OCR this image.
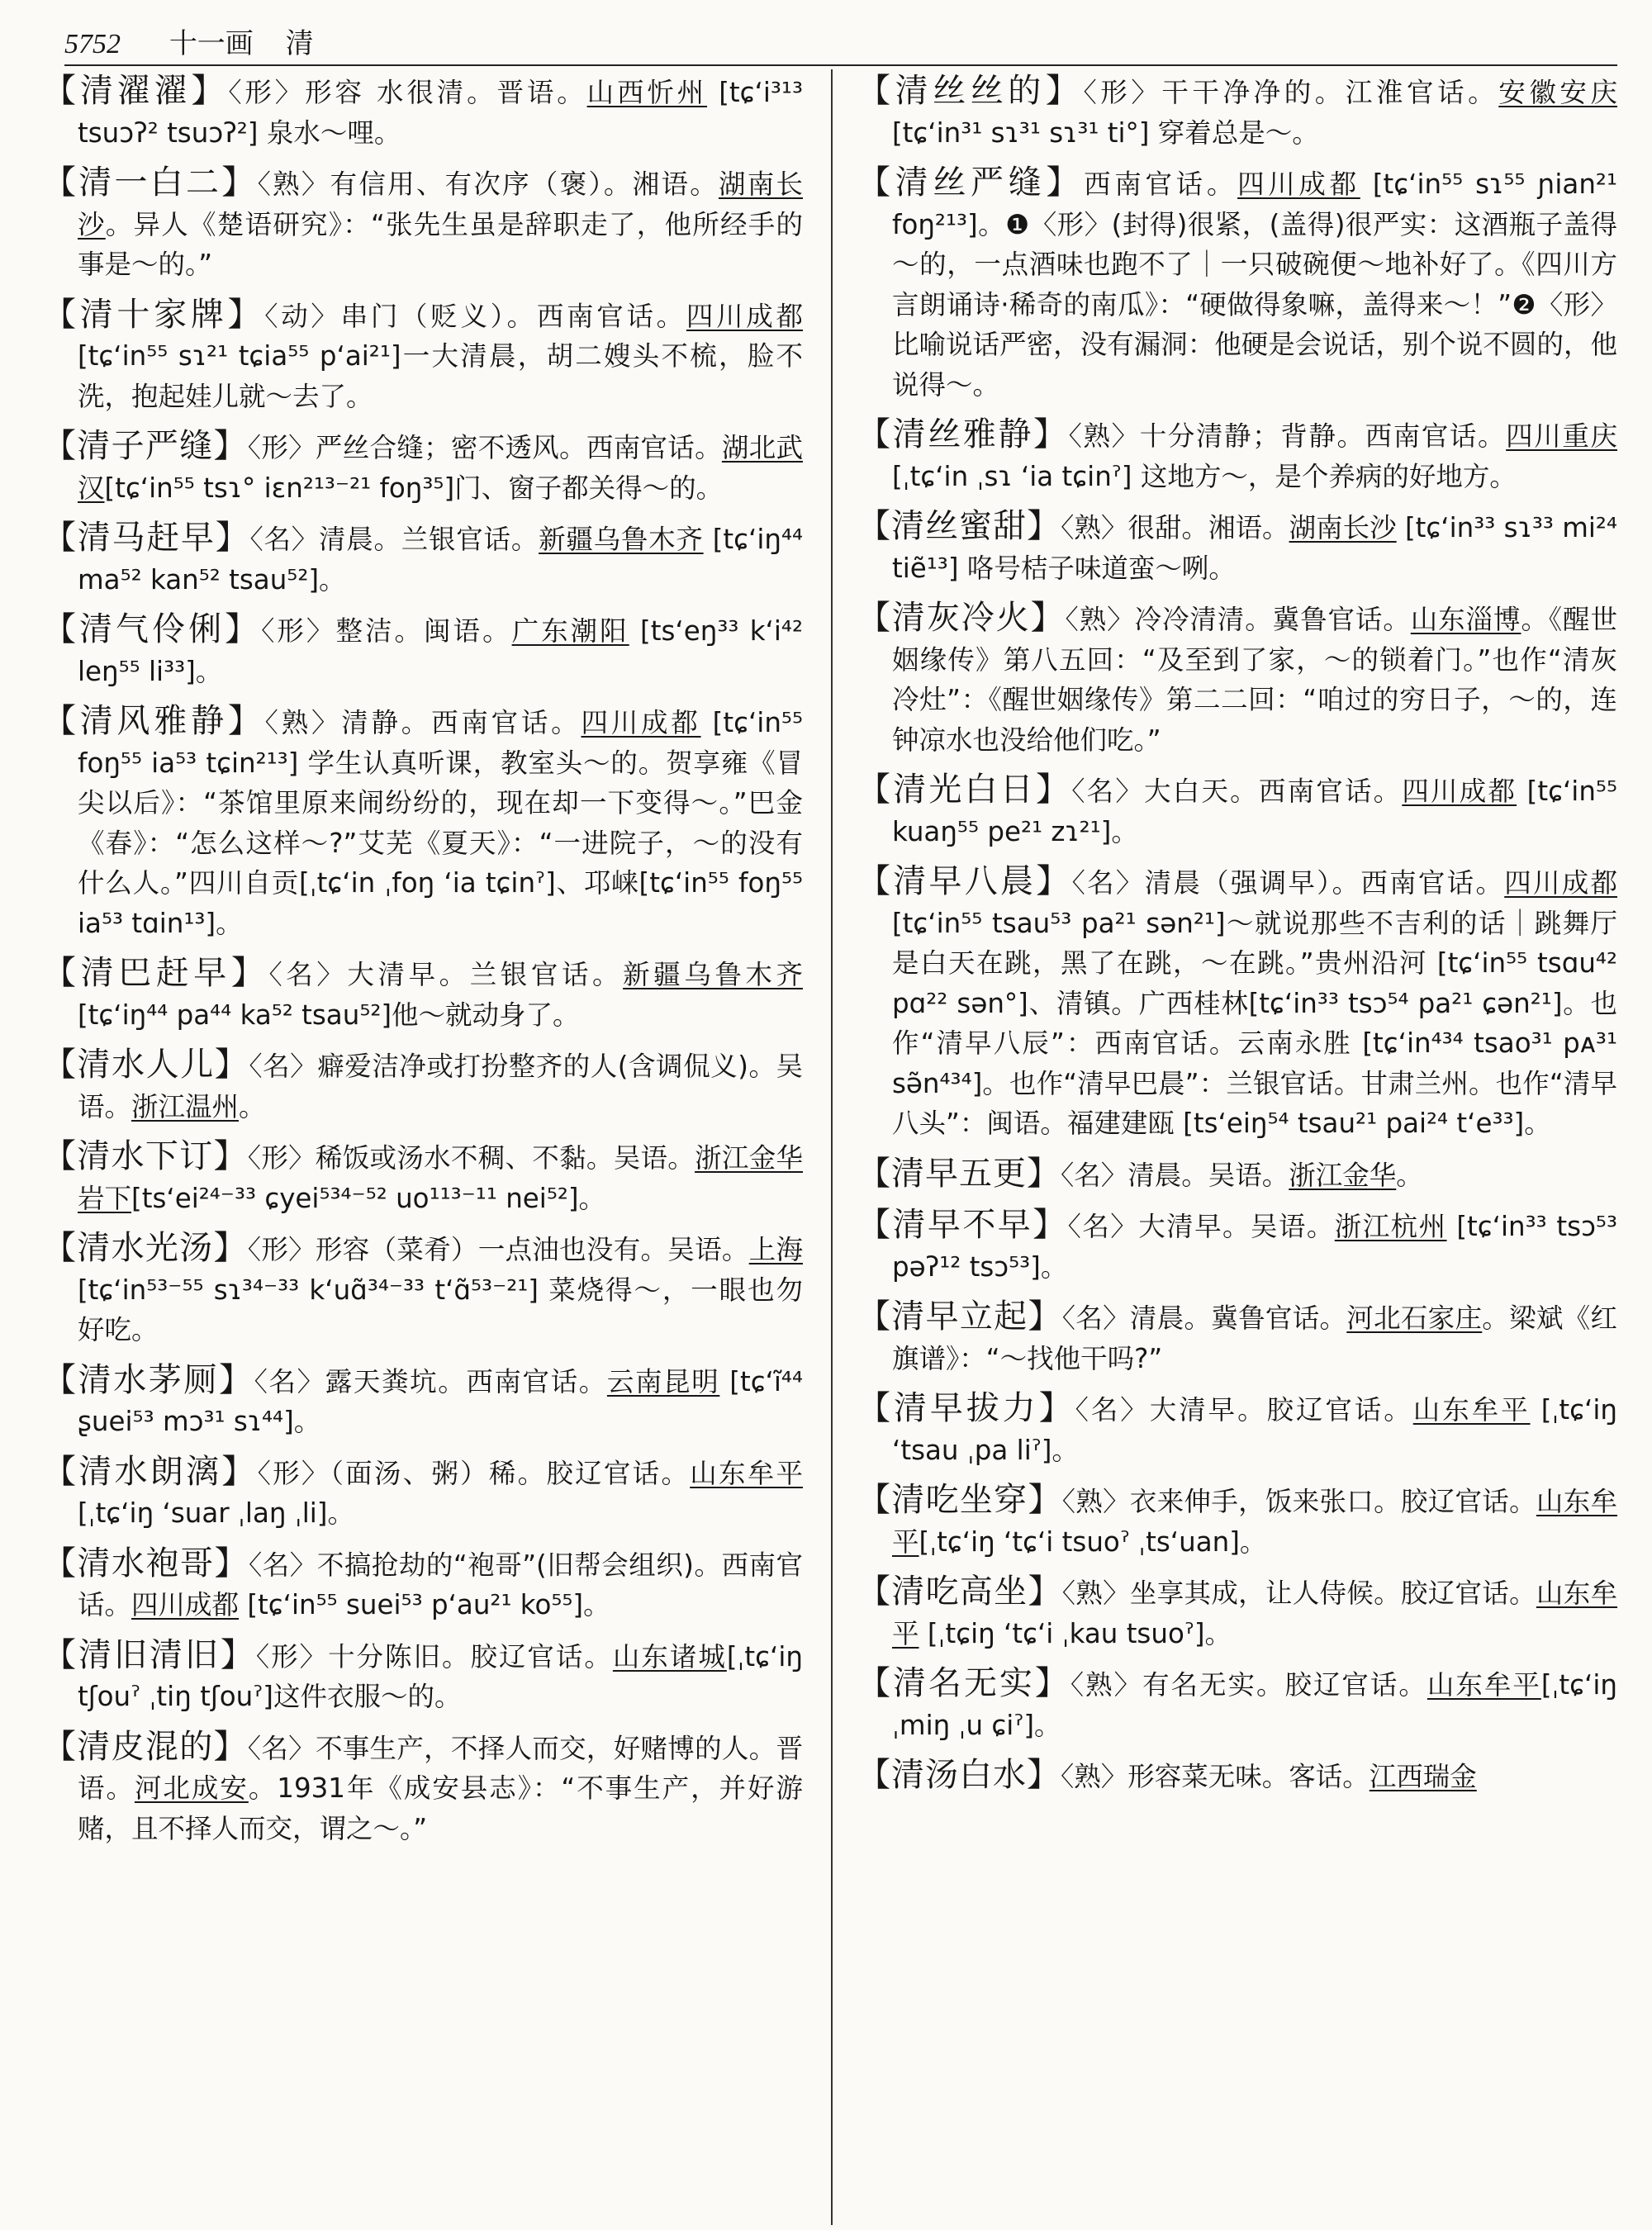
5752 十一画 清

【清濯濯】〈形〉形容 水很清。晋语。山西忻州 [tɕʻi³¹³ tsuɔʔ² tsuɔʔ²] 泉水～哩。

【清一白二】〈熟〉有信用、有次序（褒）。湘语。湖南长沙。异人《楚语研究》：“张先生虽是辞职走了，他所经手的事是～的。”

【清十家牌】〈动〉串门（贬义）。西南官话。四川成都[tɕʻin⁵⁵ sɿ²¹ tɕia⁵⁵ pʻai²¹]一大清晨，胡二嫂头不梳，脸不洗，抱起娃儿就～去了。

【清子严缝】〈形〉严丝合缝；密不透风。西南官话。湖北武汉[tɕʻin⁵⁵ tsɿ° iɛn²¹³⁻²¹ foŋ³⁵]门、窗子都关得～的。

【清马赶早】〈名〉清晨。兰银官话。新疆乌鲁木齐 [tɕʻiŋ⁴⁴ ma⁵² kan⁵² tsau⁵²]。

【清气伶俐】〈形〉整洁。闽语。广东潮阳 [tsʻeŋ³³ kʻi⁴² leŋ⁵⁵ li³³]。

【清风雅静】〈熟〉清静。西南官话。四川成都 [tɕʻin⁵⁵ foŋ⁵⁵ ia⁵³ tɕin²¹³] 学生认真听课，教室头～的。贺享雍《冒尖以后》：“茶馆里原来闹纷纷的，现在却一下变得～。”巴金《春》：“怎么这样～?”艾芜《夏天》：“一进院子，～的没有什么人。”四川自贡[ˌtɕʻin ˌfoŋ ʻia tɕinˀ]、邛崃[tɕʻin⁵⁵ foŋ⁵⁵ ia⁵³ tɑin¹³]。

【清巴赶早】〈名〉大清早。兰银官话。新疆乌鲁木齐 [tɕʻiŋ⁴⁴ pa⁴⁴ ka⁵² tsau⁵²]他～就动身了。

【清水人儿】〈名〉癖爱洁净或打扮整齐的人(含调侃义)。吴语。浙江温州。

【清水下订】〈形〉稀饭或汤水不稠、不黏。吴语。浙江金华岩下[tsʻei²⁴⁻³³ ɕyei⁵³⁴⁻⁵² uo¹¹³⁻¹¹ nei⁵²]。

【清水光汤】〈形〉形容（菜肴）一点油也没有。吴语。上海[tɕʻin⁵³⁻⁵⁵ sɿ³⁴⁻³³ kʻuɑ̃³⁴⁻³³ tʻɑ̃⁵³⁻²¹] 菜烧得～，一眼也勿好吃。

【清水茅厕】〈名〉露天粪坑。西南官话。云南昆明 [tɕʻĩ⁴⁴ ʂuei⁵³ mɔ³¹ sɿ⁴⁴]。

【清水朗漓】〈形〉（面汤、粥）稀。胶辽官话。山东牟平[ˌtɕʻiŋ ʻsuar ˌlaŋ ˌli]。

【清水袍哥】〈名〉不搞抢劫的“袍哥”(旧帮会组织)。西南官话。四川成都 [tɕʻin⁵⁵ suei⁵³ pʻau²¹ ko⁵⁵]。

【清旧清旧】〈形〉十分陈旧。胶辽官话。山东诸城[ˌtɕʻiŋ tʃouˀ ˌtiŋ tʃouˀ]这件衣服～的。

【清皮混的】〈名〉不事生产，不择人而交，好赌博的人。晋语。河北成安。1931年《成安县志》：“不事生产，并好游赌，且不择人而交，谓之～。”

【清丝丝的】〈形〉干干净净的。江淮官话。安徽安庆[tɕʻin³¹ sɿ³¹ sɿ³¹ ti°] 穿着总是～。

【清丝严缝】西南官话。四川成都 [tɕʻin⁵⁵ sɿ⁵⁵ ɲian²¹ foŋ²¹³]。❶〈形〉(封得)很紧，(盖得)很严实：这酒瓶子盖得～的，一点酒味也跑不了｜一只破碗便～地补好了。《四川方言朗诵诗·稀奇的南瓜》：“硬做得象嘛，盖得来～！”❷〈形〉比喻说话严密，没有漏洞：他硬是会说话，别个说不圆的，他说得～。

【清丝雅静】〈熟〉十分清静；背静。西南官话。四川重庆 [ˌtɕʻin ˌsɿ ʻia tɕinˀ] 这地方～，是个养病的好地方。

【清丝蜜甜】〈熟〉很甜。湘语。湖南长沙 [tɕʻin³³ sɿ³³ mi²⁴ tiẽ¹³] 咯号桔子味道蛮～咧。

【清灰冷火】〈熟〉冷冷清清。冀鲁官话。山东淄博。《醒世姻缘传》第八五回：“及至到了家，～的锁着门。”也作“清灰冷灶”：《醒世姻缘传》第二二回：“咱过的穷日子，～的，连钟凉水也没给他们吃。”

【清光白日】〈名〉大白天。西南官话。四川成都 [tɕʻin⁵⁵ kuaŋ⁵⁵ pe²¹ zɿ²¹]。

【清早八晨】〈名〉清晨（强调早）。西南官话。四川成都[tɕʻin⁵⁵ tsau⁵³ pa²¹ sən²¹]～就说那些不吉利的话｜跳舞厅是白天在跳，黑了在跳，～在跳。”贵州沿河 [tɕʻin⁵⁵ tsɑu⁴² pɑ²² sən°]、清镇。广西桂林[tɕʻin³³ tsɔ⁵⁴ pa²¹ ɕən²¹]。也作“清早八辰”：西南官话。云南永胜 [tɕʻin⁴³⁴ tsao³¹ pᴀ³¹ sə̃n⁴³⁴]。也作“清早巴晨”：兰银官话。甘肃兰州。也作“清早八头”：闽语。福建建瓯 [tsʻeiŋ⁵⁴ tsau²¹ pai²⁴ tʻe³³]。

【清早五更】〈名〉清晨。吴语。浙江金华。

【清早不早】〈名〉大清早。吴语。浙江杭州 [tɕʻin³³ tsɔ⁵³ pəʔ¹² tsɔ⁵³]。

【清早立起】〈名〉清晨。冀鲁官话。河北石家庄。梁斌《红旗谱》：“～找他干吗?”

【清早拔力】〈名〉大清早。胶辽官话。山东牟平 [ˌtɕʻiŋ ʻtsau ˌpa liˀ]。

【清吃坐穿】〈熟〉衣来伸手，饭来张口。胶辽官话。山东牟平[ˌtɕʻiŋ ʻtɕʻi tsuoˀ ˌtsʻuan]。

【清吃高坐】〈熟〉坐享其成，让人侍候。胶辽官话。山东牟平 [ˌtɕiŋ ʻtɕʻi ˌkau tsuoˀ]。

【清名无实】〈熟〉有名无实。胶辽官话。山东牟平[ˌtɕʻiŋ ˌmiŋ ˌu ɕiˀ]。

【清汤白水】〈熟〉形容菜无味。客话。江西瑞金
